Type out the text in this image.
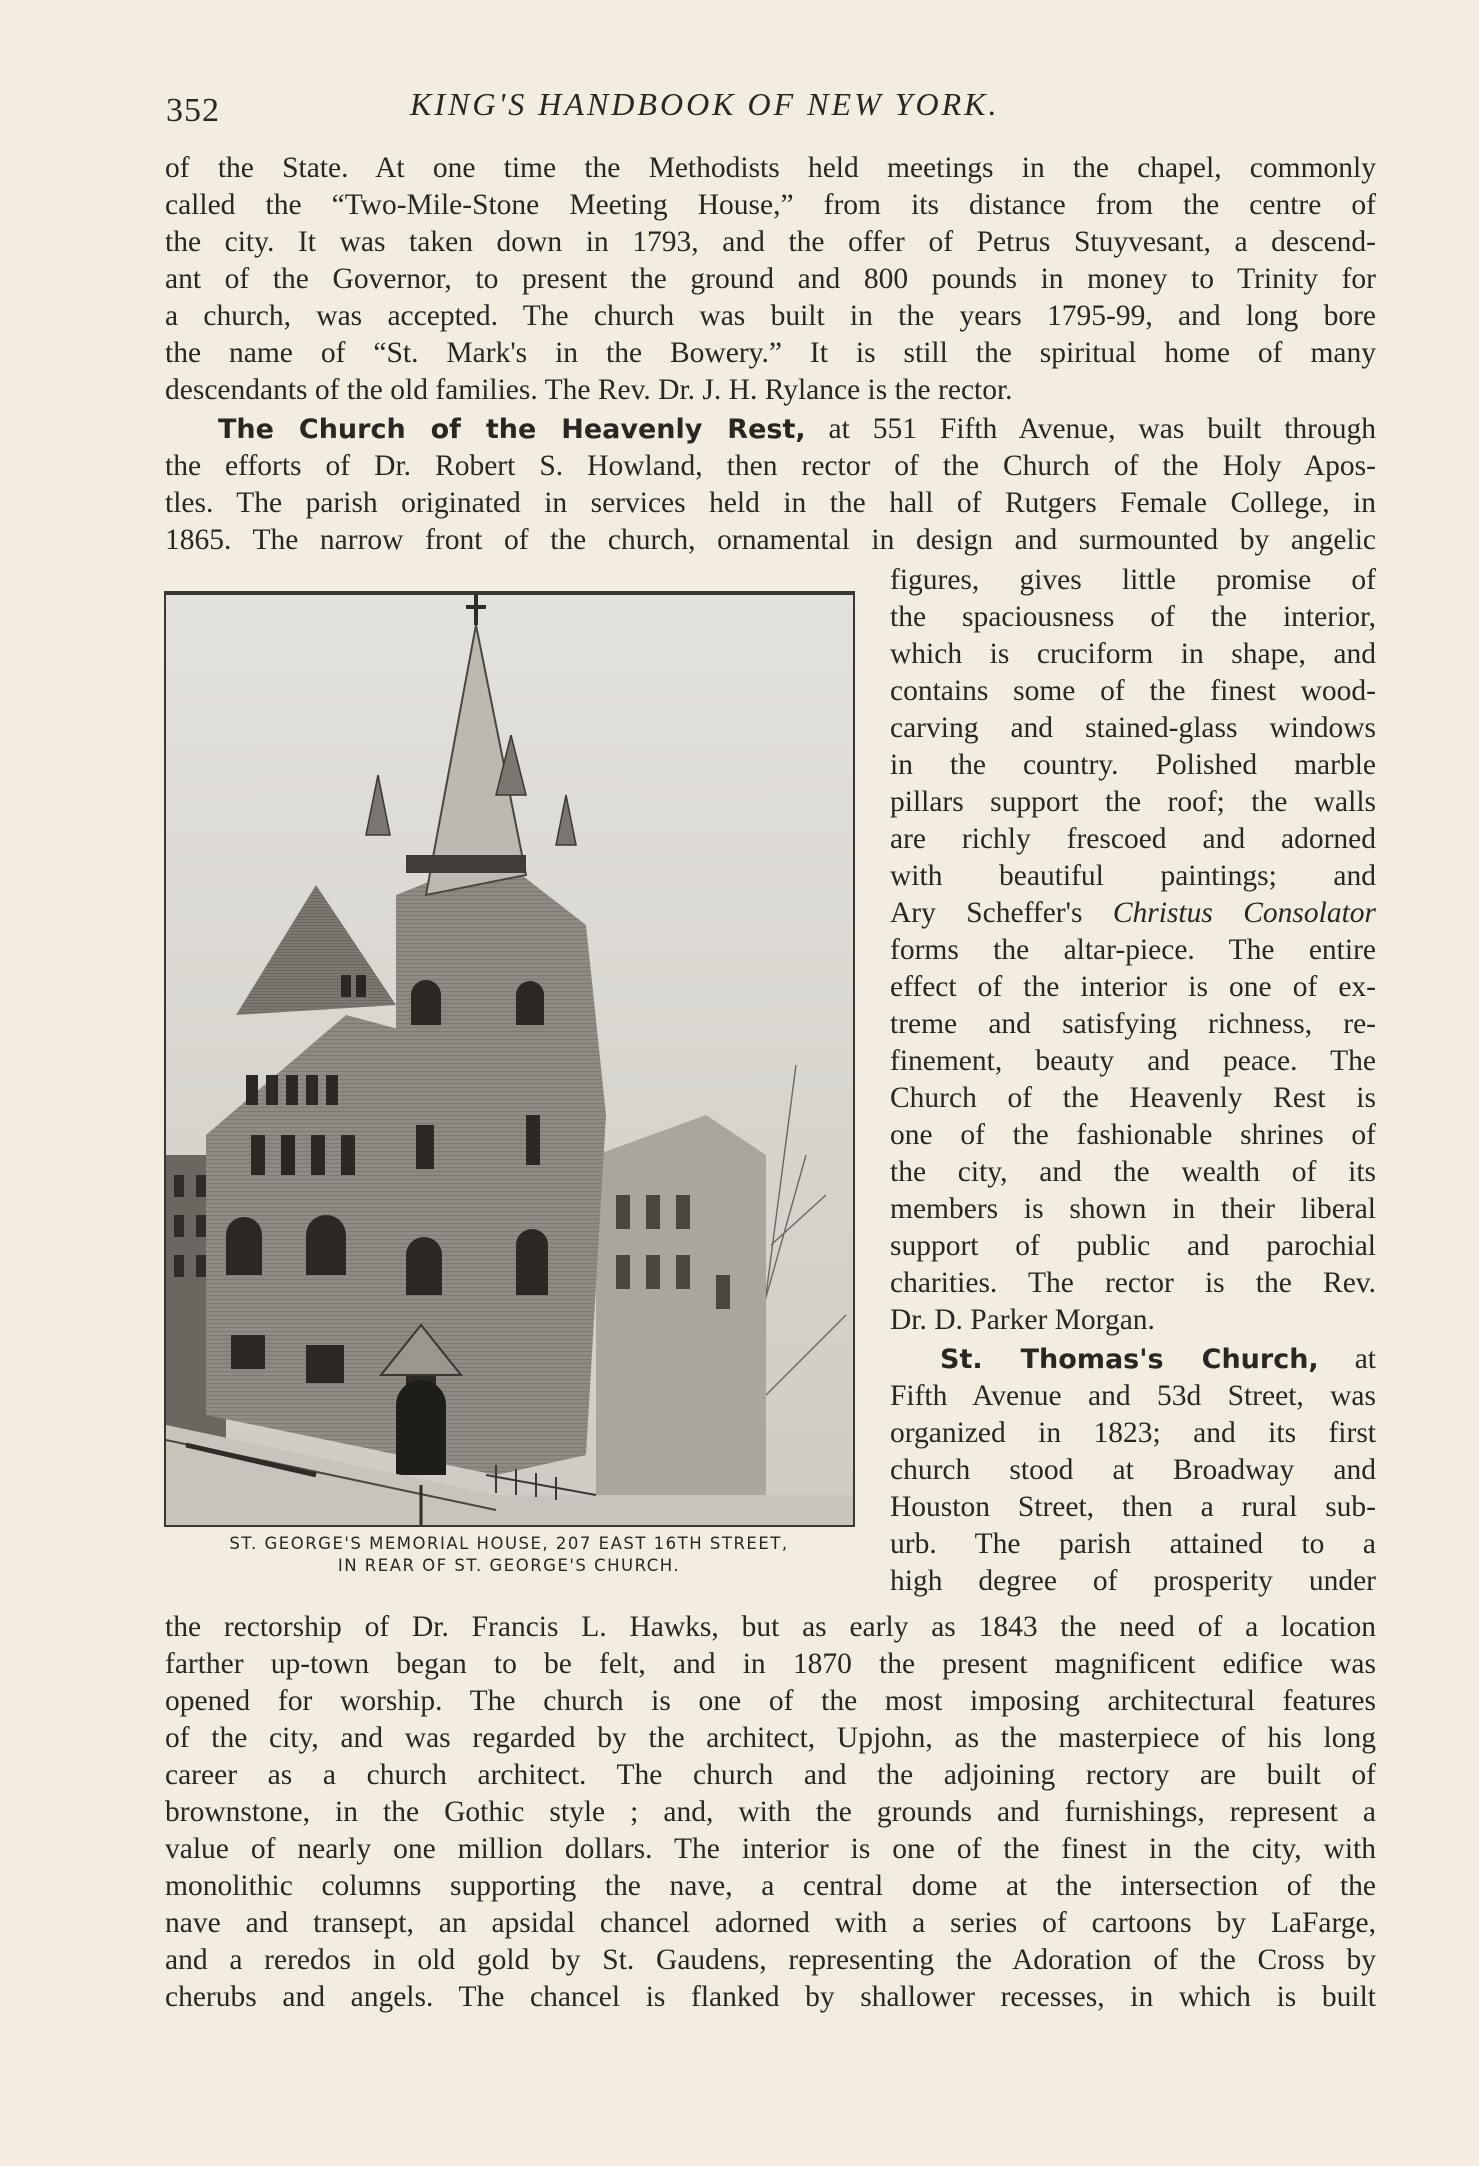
352	KING'S HANDBOOK OF NEW YORK.
of the State. At one time the Methodists held meetings in the chapel, commonly
called the “Two-Mile-Stone Meeting House,” from its distance from the centre of
the city. It was taken down in 1793, and the offer of Petrus Stuyvesant, a descend-
ant of the Governor, to present the ground and 800 pounds in money to Trinity for
a church, was accepted. The church was built in the years 1795-99, and long bore
the name of “St. Mark's in the Bowery.” It is still the spiritual home of many
descendants of the old families. The Rev. Dr. J. H. Rylance is the rector.
The Church of the Heavenly Rest, at 551 Fifth Avenue, was built through
the efforts of Dr. Robert S. Howland, then rector of the Church of the Holy Apos-
tles. The parish originated in services held in the hall of Rutgers Female College, in
1865. The narrow front of the church, ornamental in design and surmounted by angelic
figures, gives little promise of
the spaciousness of the interior,
which is cruciform in shape, and
contains some of the finest wood-
carving and stained-glass windows
in the country. Polished marble
pillars support the roof; the walls
are richly frescoed and adorned
with beautiful paintings; and
Ary Scheffer's Christus Consolator
forms the altar-piece. The entire
effect of the interior is one of ex-
treme and satisfying richness, re-
finement, beauty and peace. The
Church of the Heavenly Rest is
one of the fashionable shrines of
the city, and the wealth of its
members is shown in their liberal
support of public and parochial
charities. The rector is the Rev.
Dr. D. Parker Morgan.
St. Thomas's Church, at
Fifth Avenue and 53d Street, was
organized in 1823; and its first
church stood at Broadway and
Houston Street, then a rural sub-
urb. The parish attained to a
high degree of prosperity under
the rectorship of Dr. Francis L. Hawks, but as early as 1843 the need of a location
farther up-town began to be felt, and in 1870 the present magnificent edifice was
opened for worship. The church is one of the most imposing architectural features
of the city, and was regarded by the architect, Upjohn, as the masterpiece of his long
career as a church architect. The church and the adjoining rectory are built of
brownstone, in the Gothic style ; and, with the grounds and furnishings, represent a
value of nearly one million dollars. The interior is one of the finest in the city, with
monolithic columns supporting the nave, a central dome at the intersection of the
nave and transept, an apsidal chancel adorned with a series of cartoons by LaFarge,
and a reredos in old gold by St. Gaudens, representing the Adoration of the Cross by
cherubs and angels. The chancel is flanked by shallower recesses, in which is built
ST. GEORGE'S MEMORIAL HOUSE, 207 EAST 16TH STREET,
IN REAR OF ST. GEORGE'S CHURCH.
